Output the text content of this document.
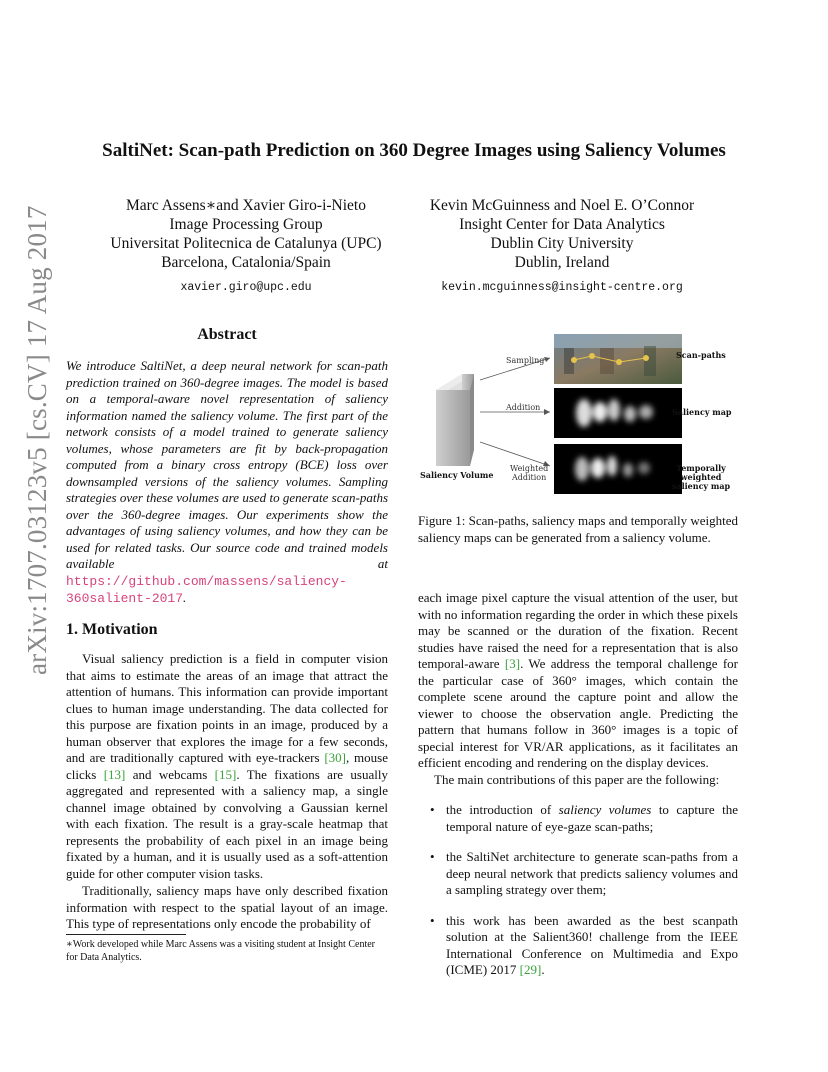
arXiv:1707.03123v5 [cs.CV] 17 Aug 2017
SaltiNet: Scan-path Prediction on 360 Degree Images using Saliency Volumes
Marc Assens∗and Xavier Giro-i-Nieto
Image Processing Group
Universitat Politecnica de Catalunya (UPC)
Barcelona, Catalonia/Spain
xavier.giro@upc.edu
Kevin McGuinness and Noel E. O’Connor
Insight Center for Data Analytics
Dublin City University
Dublin, Ireland
kevin.mcguinness@insight-centre.org
Abstract
We introduce SaltiNet, a deep neural network for scan-path prediction trained on 360-degree images. The model is based on a temporal-aware novel representation of saliency information named the saliency volume. The first part of the network consists of a model trained to generate saliency volumes, whose parameters are fit by back-propagation computed from a binary cross entropy (BCE) loss over downsampled versions of the saliency volumes. Sampling strategies over these volumes are used to generate scan-paths over the 360-degree images. Our experiments show the advantages of using saliency volumes, and how they can be used for related tasks. Our source code and trained models available at https://github.com/massens/saliency-360salient-2017.
1. Motivation
Visual saliency prediction is a field in computer vision that aims to estimate the areas of an image that attract the attention of humans. This information can provide important clues to human image understanding. The data collected for this purpose are fixation points in an image, produced by a human observer that explores the image for a few seconds, and are traditionally captured with eye-trackers [30], mouse clicks [13] and webcams [15]. The fixations are usually aggregated and represented with a saliency map, a single channel image obtained by convolving a Gaussian kernel with each fixation. The result is a gray-scale heatmap that represents the probability of each pixel in an image being fixated by a human, and it is usually used as a soft-attention guide for other computer vision tasks.
Traditionally, saliency maps have only described fixation information with respect to the spatial layout of an image. This type of representations only encode the probability of
∗Work developed while Marc Assens was a visiting student at Insight Center for Data Analytics.
Sampling
Addition
Weighted
Addition
Saliency Volume
Scan-paths
Saliency map
Temporally weighted
saliency map
Figure 1: Scan-paths, saliency maps and temporally weighted saliency maps can be generated from a saliency volume.
each image pixel capture the visual attention of the user, but with no information regarding the order in which these pixels may be scanned or the duration of the fixation. Recent studies have raised the need for a representation that is also temporal-aware [3]. We address the temporal challenge for the particular case of 360° images, which contain the complete scene around the capture point and allow the viewer to choose the observation angle. Predicting the pattern that humans follow in 360° images is a topic of special interest for VR/AR applications, as it facilitates an efficient encoding and rendering on the display devices.
The main contributions of this paper are the following:
• the introduction of saliency volumes to capture the temporal nature of eye-gaze scan-paths;
• the SaltiNet architecture to generate scan-paths from a deep neural network that predicts saliency volumes and a sampling strategy over them;
• this work has been awarded as the best scanpath solution at the Salient360! challenge from the IEEE International Conference on Multimedia and Expo (ICME) 2017 [29].
